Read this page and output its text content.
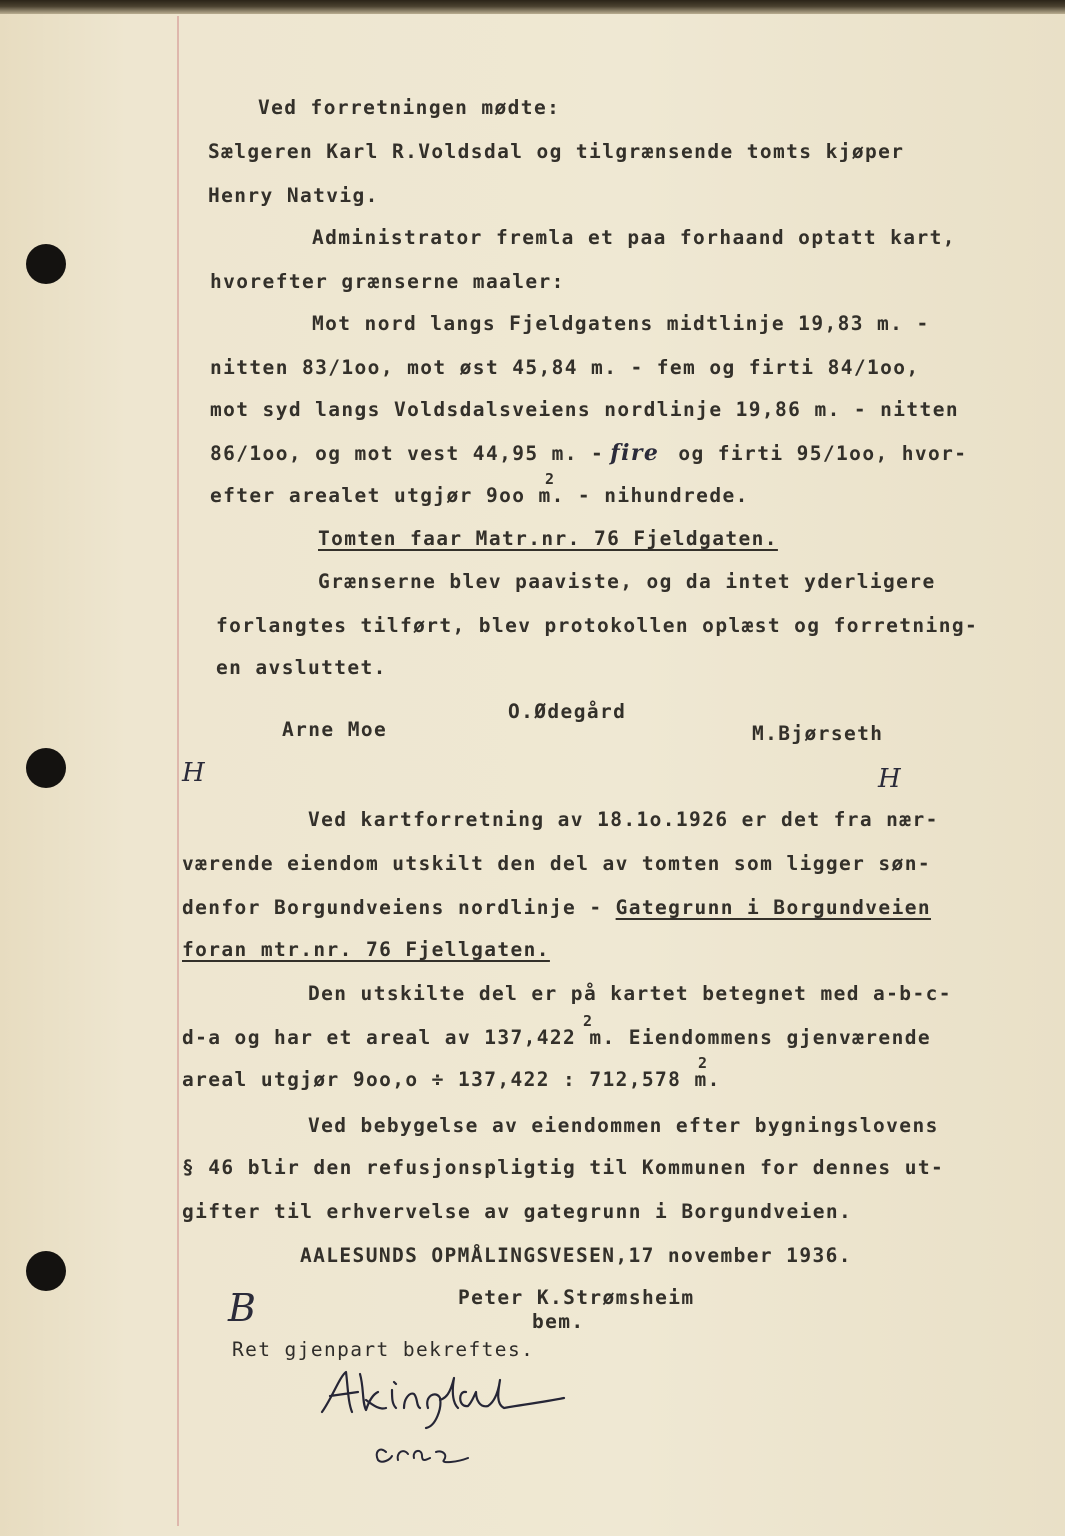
Ved forretningen mødte:

Sælgeren Karl R.Voldsdal og tilgrænsende tomts kjøper

Henry Natvig.

Administrator fremla et paa forhaand optatt kart,

hvorefter grænserne maaler:

Mot nord langs Fjeldgatens midtlinje 19,83 m. -

nitten 83/1oo, mot øst 45,84 m. - fem og firti 84/1oo,

mot syd langs Voldsdalsveiens nordlinje 19,86 m. - nitten

86/1oo, og mot vest 44,95 m. - fire og firti 95/1oo, hvor-

efter arealet utgjør 9oo m. - nihundrede.

2

Tomten faar Matr.nr. 76 Fjeldgaten.

Grænserne blev paaviste, og da intet yderligere

forlangtes tilført, blev protokollen oplæst og forretning-

en avsluttet.

Arne Moe

O.Ødegård

M.Bjørseth

H	H

Ved kartforretning av 18.1o.1926 er det fra nær-

værende eiendom utskilt den del av tomten som ligger søn-

denfor Borgundveiens nordlinje - Gategrunn i Borgundveien

foran mtr.nr. 76 Fjellgaten.

Den utskilte del er på kartet betegnet med a-b-c-

d-a og har et areal av 137,422 m. Eiendommens gjenværende

2

areal utgjør 9oo,o ÷ 137,422 : 712,578 m.

2

Ved bebygelse av eiendommen efter bygningslovens

§ 46 blir den refusjonspligtig til Kommunen for dennes ut-

gifter til erhvervelse av gategrunn i Borgundveien.

AALESUNDS OPMÅLINGSVESEN,17 november 1936.

Peter K.Strømsheim

bem.

B

Ret gjenpart bekreftes.
